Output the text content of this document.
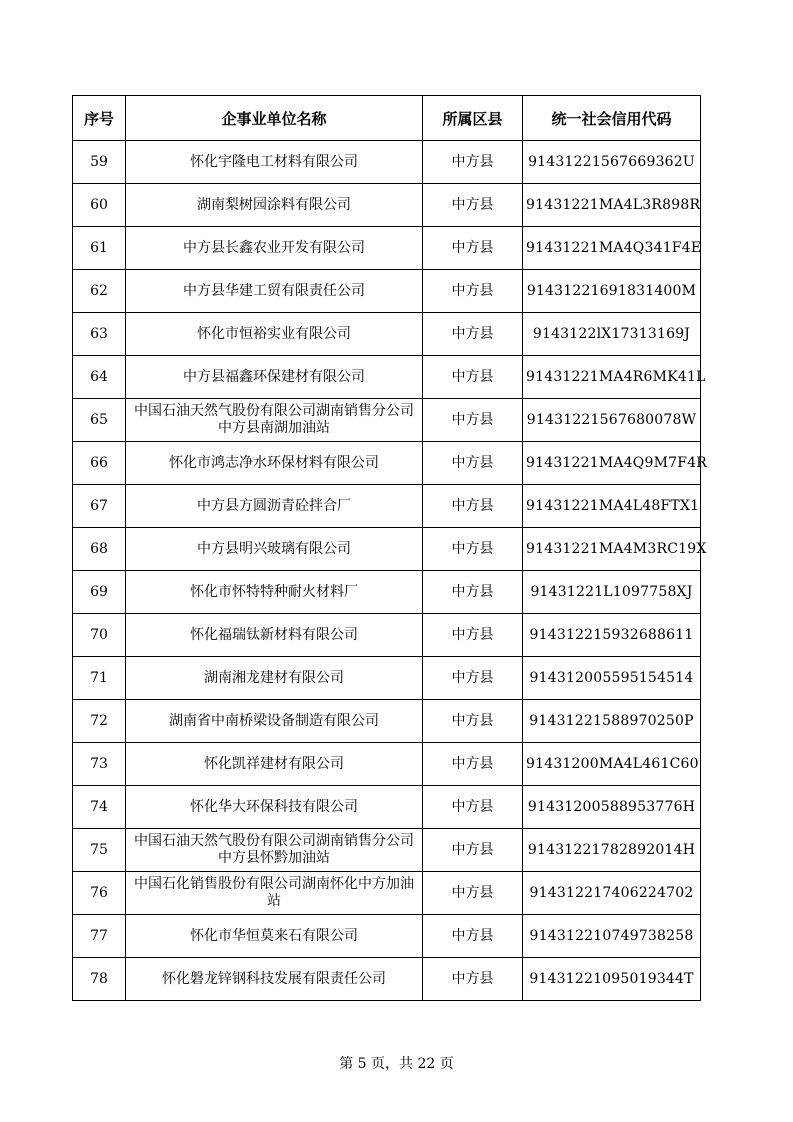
序号	企事业单位名称	所属区县	统一社会信用代码
59	怀化宇隆电工材料有限公司	中方县	91431221567669362U
60	湖南梨树园涂料有限公司	中方县	91431221MA4L3R898R
61	中方县长鑫农业开发有限公司	中方县	91431221MA4Q341F4E
62	中方县华建工贸有限责任公司	中方县	91431221691831400M
63	怀化市恒裕实业有限公司	中方县	9143122lX17313169J
64	中方县福鑫环保建材有限公司	中方县	91431221MA4R6MK41L
65	中国石油天然气股份有限公司湖南销售分公司中方县南湖加油站	中方县	91431221567680078W
66	怀化市鸿志净水环保材料有限公司	中方县	91431221MA4Q9M7F4R
67	中方县方圆沥青砼拌合厂	中方县	91431221MA4L48FTX1
68	中方县明兴玻璃有限公司	中方县	91431221MA4M3RC19X
69	怀化市怀特特种耐火材料厂	中方县	91431221L1097758XJ
70	怀化福瑞钛新材料有限公司	中方县	914312215932688611
71	湖南湘龙建材有限公司	中方县	914312005595154514
72	湖南省中南桥梁设备制造有限公司	中方县	91431221588970250P
73	怀化凯祥建材有限公司	中方县	91431200MA4L461C60
74	怀化华大环保科技有限公司	中方县	91431200588953776H
75	中国石油天然气股份有限公司湖南销售分公司中方县怀黔加油站	中方县	91431221782892014H
76	中国石化销售股份有限公司湖南怀化中方加油站	中方县	914312217406224702
77	怀化市华恒莫来石有限公司	中方县	914312210749738258
78	怀化磐龙锌钢科技发展有限责任公司	中方县	91431221095019344T
第 5 页，共 22 页
